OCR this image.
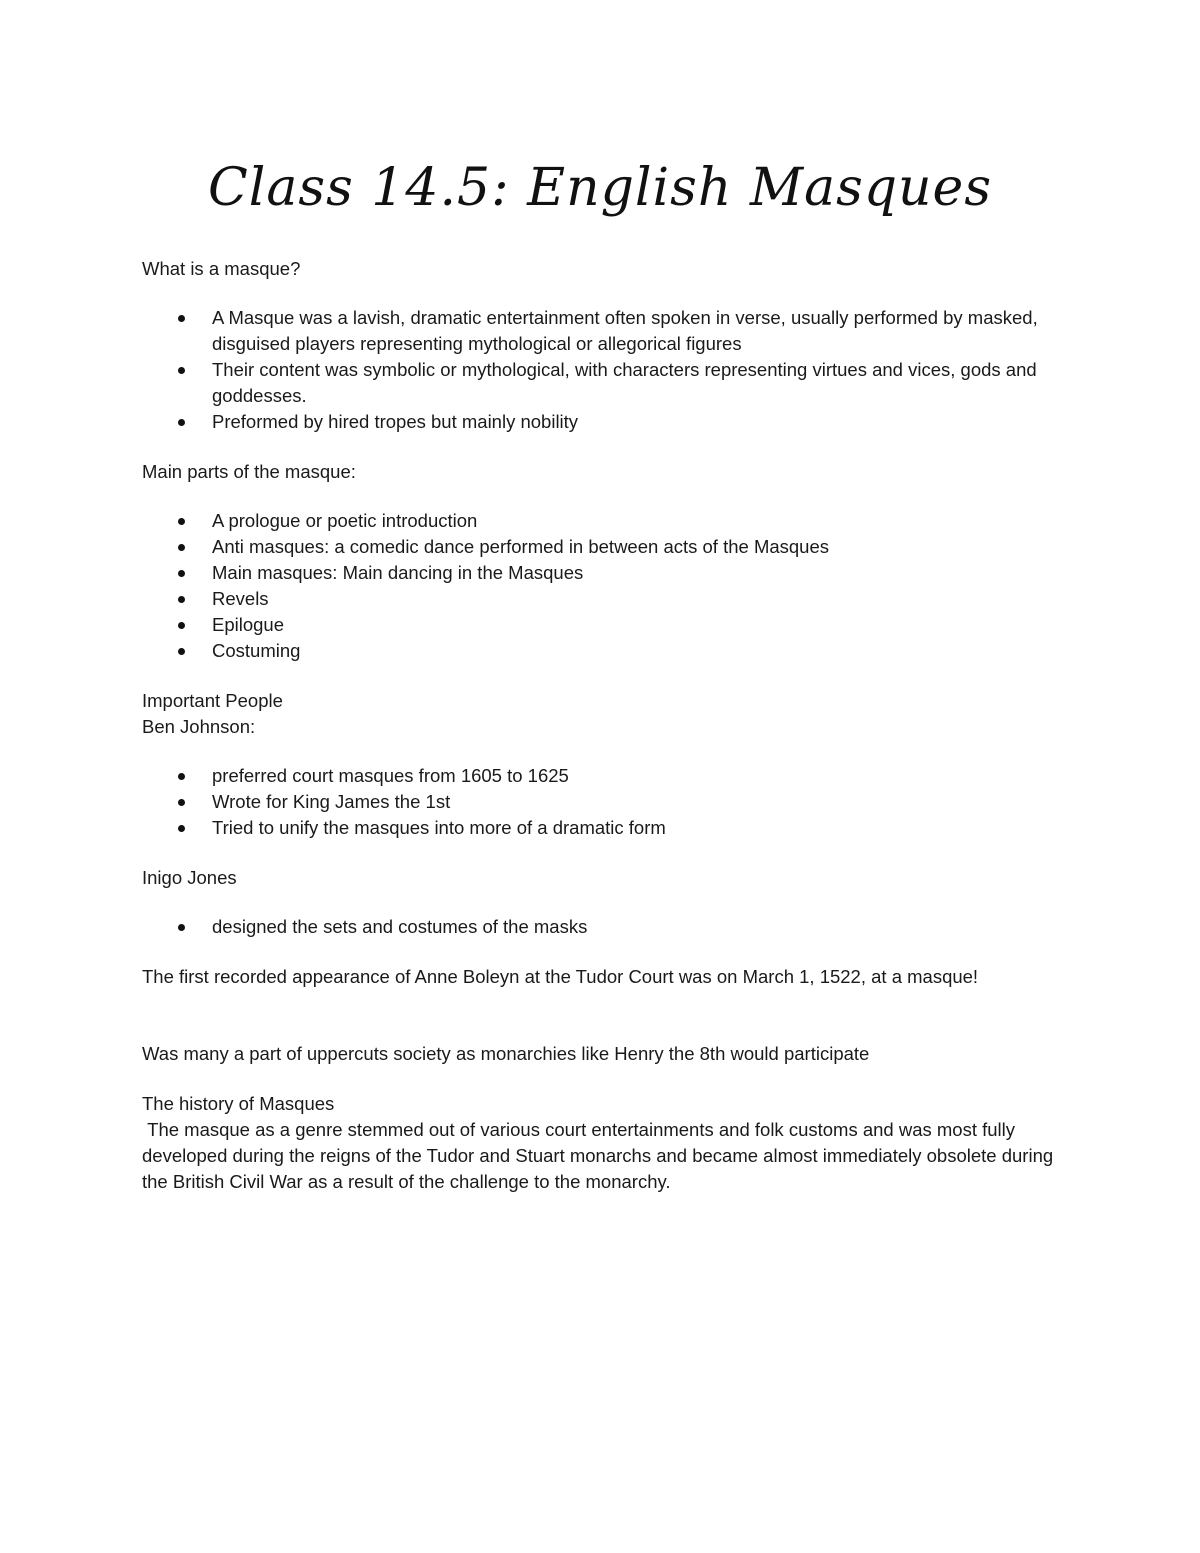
Class 14.5: English Masques

What is a masque?

A Masque was a lavish, dramatic entertainment often spoken in verse, usually performed by masked, disguised players representing mythological or allegorical figures
Their content was symbolic or mythological, with characters representing virtues and vices, gods and goddesses.
Preformed by hired tropes but mainly nobility

Main parts of the masque:

A prologue or poetic introduction
Anti masques: a comedic dance performed in between acts of the Masques
Main masques: Main dancing in the Masques
Revels
Epilogue
Costuming

Important People

Ben Johnson:

preferred court masques from 1605 to 1625
Wrote for King James the 1st
Tried to unify the masques into more of a dramatic form

Inigo Jones

designed the sets and costumes of the masks

The first recorded appearance of Anne Boleyn at the Tudor Court was on March 1, 1522, at a masque!

Was many a part of uppercuts society as monarchies like Henry the 8th would participate

The history of Masques

The masque as a genre stemmed out of various court entertainments and folk customs and was most fully developed during the reigns of the Tudor and Stuart monarchs and became almost immediately obsolete during the British Civil War as a result of the challenge to the monarchy.
